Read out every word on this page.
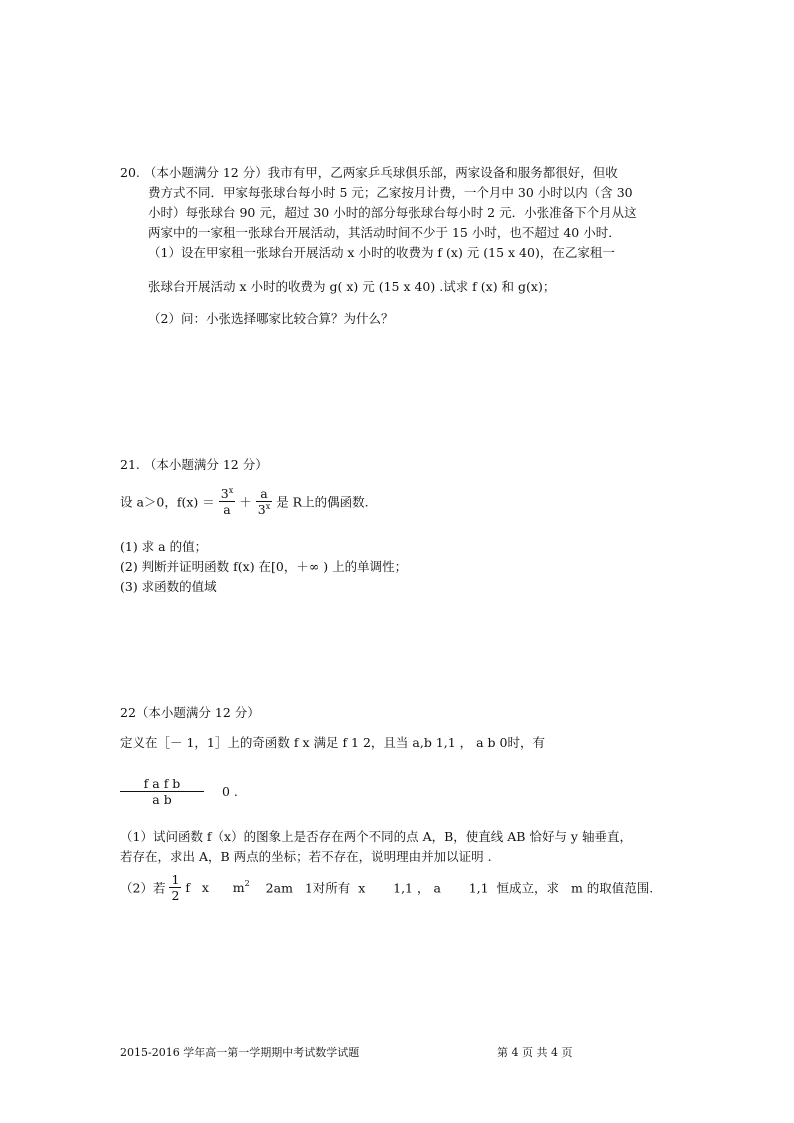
20. （本小题满分 12 分）我市有甲，乙两家乒乓球俱乐部，两家设备和服务都很好，但收
费方式不同．甲家每张球台每小时 5 元；乙家按月计费，一个月中 30 小时以内（含 30
小时）每张球台 90 元，超过 30 小时的部分每张球台每小时 2 元．小张准备下个月从这
两家中的一家租一张球台开展活动，其活动时间不少于 15 小时，也不超过 40 小时．
（1）设在甲家租一张球台开展活动 x 小时的收费为 f (x) 元 (15 x 40)，在乙家租一
张球台开展活动 x 小时的收费为 g( x) 元 (15 x 40) .试求 f (x) 和 g(x)；
（2）问：小张选择哪家比较合算？为什么？
21. （本小题满分 12 分）
设 a＞0，$f(x) = \frac{3^x}{a} + \frac{a}{3^x}$ 是 R上的偶函数.
(1) 求 a 的值；
(2) 判断并证明函数 f(x) 在[0，＋∞ ) 上的单调性；
(3) 求函数的值域
22（本小题满分 12 分）
定义在［－ 1，1］上的奇函数 f x 满足 f 1 2，且当 a,b 1,1 ， a b 0时，有
$\frac{\text{f a f b}}{\text{a b}} 0$ .
（1）试问函数 f（x）的图象上是否存在两个不同的点 A，B，使直线 AB 恰好与 y 轴垂直，
若存在，求出 A，B 两点的坐标；若不存在，说明理由并加以证明 .
（2）若 $\frac{1}{2}$ f   x      $m^2$    2am   1对所有  x       1,1 ， a       1,1  恒成立，求   m 的取值范围.
2015-2016 学年高一第一学期期中考试数学试题	第 4 页 共 4 页
